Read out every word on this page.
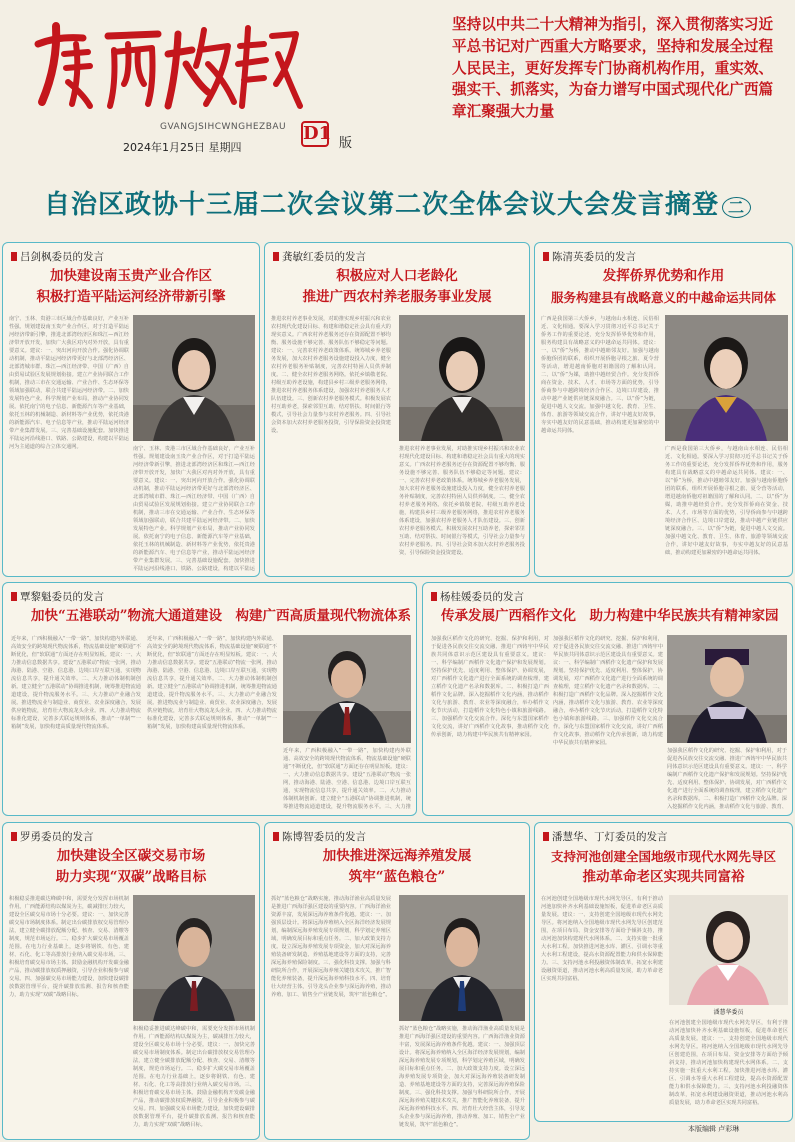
GVANGJSIHCWNGHEZBAU
2024年1月25日 星期四
D1 版
坚持以中共二十大精神为指引，深入贯彻落实习近平总书记对广西重大方略要求，坚持和发展全过程人民民主，更好发挥专门协商机构作用，重实效、强实干、抓落实，为奋力谱写中国式现代化广西篇章汇聚强大力量
自治区政协十三届二次会议第二次全体会议大会发言摘登 二
吕剑枫委员的发言
加快建设南玉贵产业合作区
积极打造平陆运河经济带新引擎
南宁、玉林、贵港三市区域合作基础良好，产业互补性强。规划建设南玉贵产业合作区，对于打造平陆运河经济带新引擎，推进北部湾经济区和珠江—西江经济带开放开发，加快广大我区对内对外开放，具有重要意义。建议：一、突出河向开放合作。强化协调联动机制，推动平陆运河经济带更好与北部湾经济区、北部湾城市群、珠江—西江经济带、中国（广西）自由贸易试验区发展规划衔接。建立产业协同联合工作机制，推动三市在交通运输、产业合作、生态环保等领域加强联动，联合共建平陆运河经济带。二、加快发展特色产业。科学规划产业布局，推动产业协同发展。依托南宁的电子信息、新能源汽车等产业基础，依托玉林的机械制造、新材料等产业优势，依托贵港的新能源汽车、电子信息等产业，推动平陆运河经济带产业集群发展。三、完善基础设施配套。加快推进平陆运河沿线港口、铁路、公路建设，构建以平陆运河为主通道的综合立体交通网。	南宁、玉林、贵港三市区域合作基础良好，产业互补性强。规划建设南玉贵产业合作区，对于打造平陆运河经济带新引擎，推进北部湾经济区和珠江—西江经济带开放开发，加快广大我区对内对外开放，具有重要意义。建议：一、突出河向开放合作。强化协调联动机制，推动平陆运河经济带更好与北部湾经济区、北部湾城市群、珠江—西江经济带、中国（广西）自由贸易试验区发展规划衔接。建立产业协同联合工作机制，推动三市在交通运输、产业合作、生态环保等领域加强联动，联合共建平陆运河经济带。二、加快发展特色产业。科学规划产业布局，推动产业协同发展。依托南宁的电子信息、新能源汽车等产业基础，依托玉林的机械制造、新材料等产业优势，依托贵港的新能源汽车、电子信息等产业，推动平陆运河经济带产业集群发展。三、完善基础设施配套。加快推进平陆运河沿线港口、铁路、公路建设，构建以平陆运
龚敏红委员的发言
积极应对人口老龄化
推进广西农村养老服务事业发展
推进农村养老事业发展，对助推实现乡村振兴和农业农村现代化建设目标、构建和谐稳定社会具有重大的现实意义。广西农村养老服务还存在资源配置不够均衡、服务设施不够完善、服务队伍不够稳定等问题。建议：一、完善农村养老政策体系。统筹城乡养老服务发展，加大农村养老服务设施建设投入力度，健全农村养老服务补贴制度，完善农村特困人员供养制度。二、健全农村养老服务网络。依托乡镇敬老院、村级互助养老设施，构建县乡村三级养老服务网络，推进农村养老服务体系建设，加强农村养老服务人才队伍建设。三、创新农村养老服务模式。积极发展农村互助养老，探索邻里互助、结对帮扶、时间银行等模式，引导社会力量参与农村养老服务。四、引导社会资本加大农村养老服务投资，引导保险资金投资建设。
推进农村养老事业发展，对助推实现乡村振兴和农业农村现代化建设目标、构建和谐稳定社会具有重大的现实意义。广西农村养老服务还存在资源配置不够均衡、服务设施不够完善、服务队伍不够稳定等问题。建议：一、完善农村养老政策体系。统筹城乡养老服务发展，加大农村养老服务设施建设投入力度，健全农村养老服务补贴制度，完善农村特困人员供养制度。二、健全农村养老服务网络。依托乡镇敬老院、村级互助养老设施，构建县乡村三级养老服务网络，推进农村养老服务体系建设，加强农村养老服务人才队伍建设。三、创新农村养老服务模式。积极发展农村互助养老，探索邻里互助、结对帮扶、时间银行等模式，引导社会力量参与农村养老服务。四、引导社会资本加大农村养老服务投资，引导保险资金投资建设。
陈清英委员的发言
发挥侨界优势和作用
服务构建县有战略意义的中越命运共同体
广西是我国第三大侨乡，与越南山水相连、民俗相近、文化相通。要深入学习贯彻习近平总书记关于侨务工作的重要论述，充分发挥侨界优势和作用，服务构建具有战略意义的中越命运共同体。建议：一、以“侨”为桥，推动中越睦邻友好。加强与越南侨胞侨团的联系，组织开展侨胞寻根之旅、夏令营等活动，增进越南侨胞对祖籍国的了解和认同。二、以“侨”为媒，助推中越经贸合作。充分发挥侨商在资金、技术、人才、市场等方面的优势，引导侨商参与中越跨境经济合作区、边境口岸建设，推动中越产业链供应链深度融合。三、以“侨”为链，促进中越人文交流。加强中越文化、教育、卫生、体育、旅游等领域交流合作，讲好中越友好故事，夯实中越友好的民意基础，推动构建更加紧密的中越命运共同体。
广西是我国第三大侨乡，与越南山水相连、民俗相近、文化相通。要深入学习贯彻习近平总书记关于侨务工作的重要论述，充分发挥侨界优势和作用，服务构建具有战略意义的中越命运共同体。建议：一、以“侨”为桥，推动中越睦邻友好。加强与越南侨胞侨团的联系，组织开展侨胞寻根之旅、夏令营等活动，增进越南侨胞对祖籍国的了解和认同。二、以“侨”为媒，助推中越经贸合作。充分发挥侨商在资金、技术、人才、市场等方面的优势，引导侨商参与中越跨境经济合作区、边境口岸建设，推动中越产业链供应链深度融合。三、以“侨”为链，促进中越人文交流。加强中越文化、教育、卫生、体育、旅游等领域交流合作，讲好中越友好故事，夯实中越友好的民意基础，推动构建更加紧密的中越命运共同体。
覃黎魁委员的发言
加快“五港联动”物流大通道建设　 构建广西高质量现代物流体系
近年来，广西积极融入“一带一路”，加快构建内外联通、高效安全的跨境现代物流体系，物流基础设施“硬联通”不断优化，但“软联通”方面还存在明显短板。建议：一、大力推动信息数据共享。建设“五港联动”物流一张网，推动海港、陆港、空港、信息港、边境口岸互联互通，实现物流信息共享，提升通关效率。二、大力推动体制机制创新。建立健全“五港联动”协调推进机制，统筹推进物流通道建设，提升物流服务水平。三、大力推动产业融合发展。推进物流业与制造业、商贸业、农业深度融合，发展供应链物流，培育壮大物流龙头企业。四、大力推动物流标准化建设，完善多式联运规则体系，推动“一单制”“一箱制”发展，加快构建高质量现代物流体系。
近年来，广西积极融入“一带一路”，加快构建内外联通、高效安全的跨境现代物流体系，物流基础设施“硬联通”不断优化，但“软联通”方面还存在明显短板。建议：一、大力推动信息数据共享。建设“五港联动”物流一张网，推动海港、陆港、空港、信息港、边境口岸互联互通，实现物流信息共享，提升通关效率。二、大力推动体制机制创新。建立健全“五港联动”协调推进机制，统筹推进物流通道建设，提升物流服务水平。三、大力推动产业融合发展。推进物流业与制造业、商贸业、农业深度融合，发展供应链物流，培育壮大物流龙头企业。四、大力推动物流标准化建设，完善多式联运规则体系，推动“一单制”“一箱制”发展，加快构建高质量现代物流体系。
近年来，广西积极融入“一带一路”，加快构建内外联通、高效安全的跨境现代物流体系，物流基础设施“硬联通”不断优化，但“软联通”方面还存在明显短板。建议：一、大力推动信息数据共享。建设“五港联动”物流一张网，推动海港、陆港、空港、信息港、边境口岸互联互通，实现物流信息共享，提升通关效率。二、大力推动体制机制创新。建立健全“五港联动”协调推进机制，统筹推进物流通道建设，提升物流服务水平。三、大力推
杨桂媛委员的发言
传承发展广西稻作文化　 助力构建中华民族共有精神家园
加强我区稻作文化的研究、挖掘、保护和利用，对于促进各民族交往交流交融、推进广西铸牢中华民族共同体意识示范区建设具有重要意义。建议：一、科学编制广西稻作文化遗产保护和发展规划。坚持保护优先、适度利用、整体保护、协调发展，对广西稻作文化遗产进行全面系统的调查梳理，建立稻作文化遗产名录和数据库。二、积极打造广西稻作文化品牌。深入挖掘稻作文化内涵，推动稻作文化与旅游、教育、农业等深度融合，举办稻作文化节庆活动，打造稻作文化特色小镇和旅游线路。三、加强稻作文化交流合作。深化与东盟国家稻作文化交流，讲好广西稻作文化故事，推动稻作文化传承创新，助力构建中华民族共有精神家园。
加强我区稻作文化的研究、挖掘、保护和利用，对于促进各民族交往交流交融、推进广西铸牢中华民族共同体意识示范区建设具有重要意义。建议：一、科学编制广西稻作文化遗产保护和发展规划。坚持保护优先、适度利用、整体保护、协调发展，对广西稻作文化遗产进行全面系统的调查梳理，建立稻作文化遗产名录和数据库。二、积极打造广西稻作文化品牌。深入挖掘稻作文化内涵，推动稻作文化与旅游、教育、农业等深度融合，举办稻作文化节庆活动，打造稻作文化特色小镇和旅游线路。三、加强稻作文化交流合作。深化与东盟国家稻作文化交流，讲好广西稻作文化故事，推动稻作文化传承创新，助力构建中华民族共有精神家园。
加强我区稻作文化的研究、挖掘、保护和利用，对于促进各民族交往交流交融、推进广西铸牢中华民族共同体意识示范区建设具有重要意义。建议：一、科学编制广西稻作文化遗产保护和发展规划。坚持保护优先、适度利用、整体保护、协调发展，对广西稻作文化遗产进行全面系统的调查梳理，建立稻作文化遗产名录和数据库。二、积极打造广西稻作文化品牌。深入挖掘稻作文化内涵，推动稻作文化与旅游、教育、
罗勇委员的发言
加快建设全区碳交易市场
助力实现“双碳”战略目标
积极稳妥推进碳达峰碳中和，需要充分发挥市场机制作用。广西能源结构以煤炭为主，碳减排压力较大，建设全区碳交易市场十分必要。建议：一、加快完善碳交易市场制度体系。制定出台碳排放权交易管理办法，建立健全碳排放配额分配、核查、交易、清缴等制度，规范市场运行。二、稳步扩大碳交易市场覆盖范围。在电力行业基础上，逐步将钢铁、有色、建材、石化、化工等高排放行业纳入碳交易市场。三、积极培育碳交易市场主体。鼓励金融机构开发碳金融产品，推动碳排放权质押融资，引导企业积极参与碳交易。四、加强碳交易市场能力建设，加快建设碳排放数据管理平台，提升碳排放监测、报告和核查能力，助力实现“双碳”战略目标。
积极稳妥推进碳达峰碳中和，需要充分发挥市场机制作用。广西能源结构以煤炭为主，碳减排压力较大，建设全区碳交易市场十分必要。建议：一、加快完善碳交易市场制度体系。制定出台碳排放权交易管理办法，建立健全碳排放配额分配、核查、交易、清缴等制度，规范市场运行。二、稳步扩大碳交易市场覆盖范围。在电力行业基础上，逐步将钢铁、有色、建材、石化、化工等高排放行业纳入碳交易市场。三、积极培育碳交易市场主体。鼓励金融机构开发碳金融产品，推动碳排放权质押融资，引导企业积极参与碳交易。四、加强碳交易市场能力建设，加快建设碳排放数据管理平台，提升碳排放监测、报告和核查能力，助力实现“双碳”战略目标。
陈博智委员的发言
加快推进深远海养殖发展
筑牢“蓝色粮仓”
抓好“蓝色粮仓”战略实施，推动海洋渔业高质量发展是推进广西海洋强区建设的重要内容。广西海洋渔业资源丰富，发展深远海养殖条件优越。建议：一、加强顶层设计。将深远海养殖纳入全区海洋经济发展规划，编制深远海养殖发展专项规划，科学划定养殖区域，明确发展目标和重点任务。二、加大政策支持力度。设立深远海养殖发展专项资金，加大对深远海养殖装备研发制造、养殖基地建设等方面的支持，完善深远海养殖保险制度。三、强化科技支撑。加强与科研院所合作，开展深远海养殖关键技术攻关，推广智能化养殖装备，提升深远海养殖科技水平。四、培育壮大经营主体，引导龙头企业参与深远海养殖，推动养殖、加工、销售全产业链发展，筑牢“蓝色粮仓”。
抓好“蓝色粮仓”战略实施，推动海洋渔业高质量发展是推进广西海洋强区建设的重要内容。广西海洋渔业资源丰富，发展深远海养殖条件优越。建议：一、加强顶层设计。将深远海养殖纳入全区海洋经济发展规划，编制深远海养殖发展专项规划，科学划定养殖区域，明确发展目标和重点任务。二、加大政策支持力度。设立深远海养殖发展专项资金，加大对深远海养殖装备研发制造、养殖基地建设等方面的支持，完善深远海养殖保险制度。三、强化科技支撑。加强与科研院所合作，开展深远海养殖关键技术攻关，推广智能化养殖装备，提升深远海养殖科技水平。四、培育壮大经营主体，引导龙头企业参与深远海养殖，推动养殖、加工、销售全产业链发展，筑牢“蓝色粮仓”。
潘慧华、丁灯委员的发言
支持河池创建全国地级市现代水网先导区
推动革命老区实现共同富裕
在河池创建全国地级市现代水网先导区，有利于推动河池加快补齐水利基础设施短板，促进革命老区高质量发展。建议：一、支持创建全国地级市现代水网先导区。将河池纳入全国地级市现代水网先导区创建范围，在项目布局、资金安排等方面给予倾斜支持，推动河池加快构建现代水网体系。二、支持实施一批重大水利工程。加快推进河池水库、灌区、引调水等重大水利工程建设，提高水资源配置能力和供水保障能力。三、支持河池水利投融资体制改革，拓宽水利建设融资渠道，推动河池水利高质量发展，助力革命老区实现共同富裕。
潘慧华委员
在河池创建全国地级市现代水网先导区，有利于推动河池加快补齐水利基础设施短板，促进革命老区高质量发展。建议：一、支持创建全国地级市现代水网先导区。将河池纳入全国地级市现代水网先导区创建范围，在项目布局、资金安排等方面给予倾斜支持，推动河池加快构建现代水网体系。二、支持实施一批重大水利工程。加快推进河池水库、灌区、引调水等重大水利工程建设，提高水资源配置能力和供水保障能力。三、支持河池水利投融资体制改革，拓宽水利建设融资渠道，推动河池水利高质量发展，助力革命老区实现共同富裕。
本版编辑 卢彩琳
